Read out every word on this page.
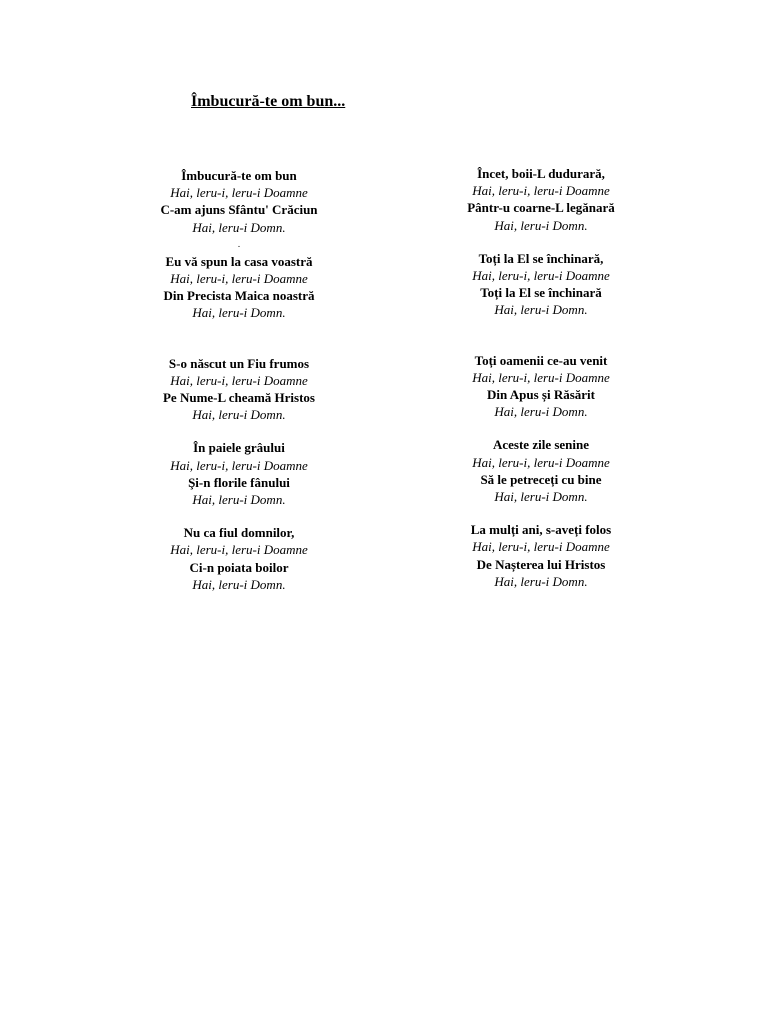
Îmbucură-te om bun...
Îmbucură-te om bun
Hai, leru-i, leru-i Doamne
C-am ajuns Sfântu' Crăciun
Hai, leru-i Domn.
.
Eu vă spun la casa voastră
Hai, leru-i, leru-i Doamne
Din Precista Maica noastră
Hai, leru-i Domn.
S-o născut un Fiu frumos
Hai, leru-i, leru-i Doamne
Pe Nume-L cheamă Hristos
Hai, leru-i Domn.
În paiele grâului
Hai, leru-i, leru-i Doamne
Şi-n florile fânului
Hai, leru-i Domn.
Nu ca fiul domnilor,
Hai, leru-i, leru-i Doamne
Ci-n poiata boilor
Hai, leru-i Domn.
Încet, boii-L dudurară,
Hai, leru-i, leru-i Doamne
Pântr-u coarne-L legănară
Hai, leru-i Domn.
Toți la El se închinară,
Hai, leru-i, leru-i Doamne
Toți la El se închinară
Hai, leru-i Domn.
Toți oamenii ce-au venit
Hai, leru-i, leru-i Doamne
Din Apus și Răsărit
Hai, leru-i Domn.
Aceste zile senine
Hai, leru-i, leru-i Doamne
Să le petreceți cu bine
Hai, leru-i Domn.
La mulți ani, s-aveți folos
Hai, leru-i, leru-i Doamne
De Nașterea lui Hristos
Hai, leru-i Domn.
